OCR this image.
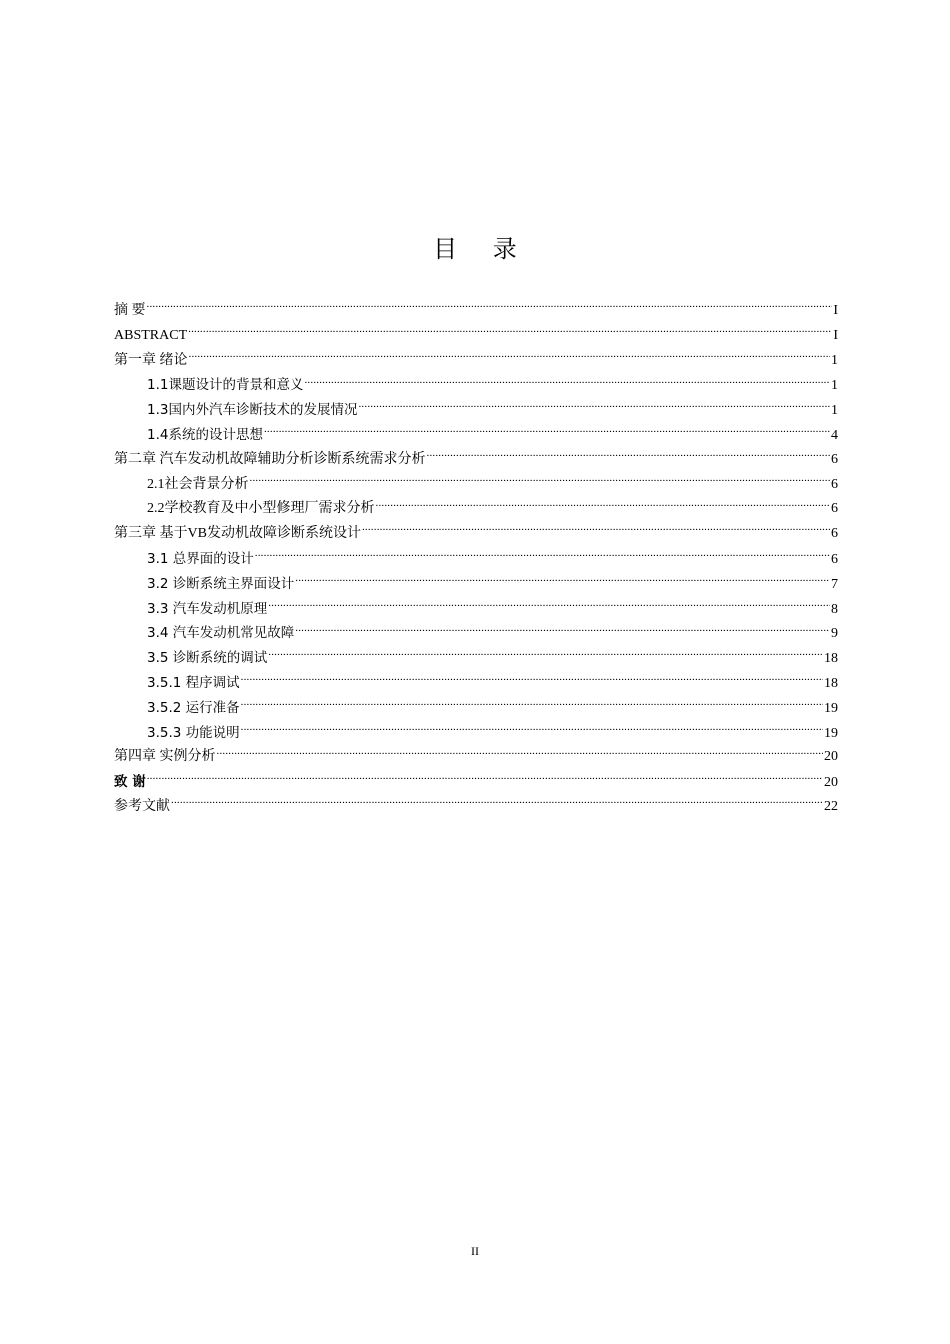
目 录
摘 要 .....	I
ABSTRACT .....	I
第一章 绪论 .....	1
1.1课题设计的背景和意义 .....	1
1.3国内外汽车诊断技术的发展情况 .....	1
1.4系统的设计思想 .....	4
第二章 汽车发动机故障辅助分析诊断系统需求分析 .....	6
2.1社会背景分析 .....	6
2.2学校教育及中小型修理厂需求分析 .....	6
第三章 基于VB发动机故障诊断系统设计 .....	6
3.1 总界面的设计 .....	6
3.2 诊断系统主界面设计 .....	7
3.3 汽车发动机原理 .....	8
3.4 汽车发动机常见故障 .....	9
3.5 诊断系统的调试 .....	18
3.5.1 程序调试 .....	18
3.5.2 运行准备 .....	19
3.5.3 功能说明 .....	19
第四章 实例分析 .....	20
致 谢 .....	20
参考文献 .....	22
II
